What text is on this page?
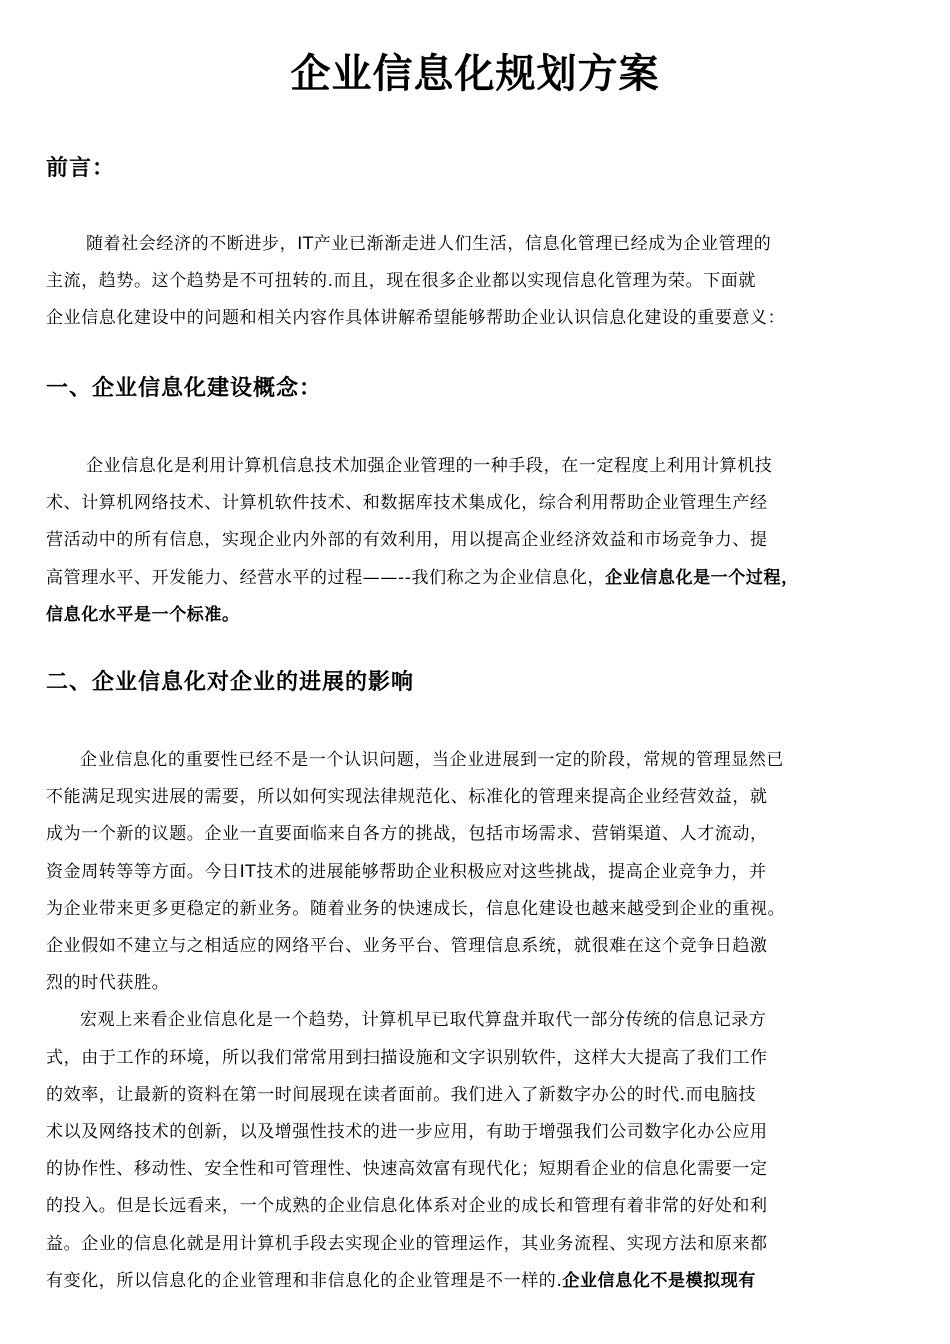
企业信息化规划方案
前言：
随着社会经济的不断进步，IT产业已渐渐走进人们生活，信息化管理已经成为企业管理的
主流，趋势。这个趋势是不可扭转的.而且，现在很多企业都以实现信息化管理为荣。下面就
企业信息化建设中的问题和相关内容作具体讲解希望能够帮助企业认识信息化建设的重要意义：
一、企业信息化建设概念：
企业信息化是利用计算机信息技术加强企业管理的一种手段，在一定程度上利用计算机技
术、计算机网络技术、计算机软件技术、和数据库技术集成化，综合利用帮助企业管理生产经
营活动中的所有信息，实现企业内外部的有效利用，用以提高企业经济效益和市场竞争力、提
高管理水平、开发能力、经营水平的过程——--我们称之为企业信息化，企业信息化是一个过程，
信息化水平是一个标准。
二、企业信息化对企业的进展的影响
企业信息化的重要性已经不是一个认识问题，当企业进展到一定的阶段，常规的管理显然已
不能满足现实进展的需要，所以如何实现法律规范化、标准化的管理来提高企业经营效益，就
成为一个新的议题。企业一直要面临来自各方的挑战，包括市场需求、营销渠道、人才流动，
资金周转等等方面。今日IT技术的进展能够帮助企业积极应对这些挑战，提高企业竞争力，并
为企业带来更多更稳定的新业务。随着业务的快速成长，信息化建设也越来越受到企业的重视。
企业假如不建立与之相适应的网络平台、业务平台、管理信息系统，就很难在这个竞争日趋激
烈的时代获胜。
宏观上来看企业信息化是一个趋势，计算机早已取代算盘并取代一部分传统的信息记录方
式，由于工作的环境，所以我们常常用到扫描设施和文字识别软件，这样大大提高了我们工作
的效率，让最新的资料在第一时间展现在读者面前。我们进入了新数字办公的时代.而电脑技
术以及网络技术的创新，以及增强性技术的进一步应用，有助于增强我们公司数字化办公应用
的协作性、移动性、安全性和可管理性、快速高效富有现代化；短期看企业的信息化需要一定
的投入。但是长远看来，一个成熟的企业信息化体系对企业的成长和管理有着非常的好处和利
益。企业的信息化就是用计算机手段去实现企业的管理运作，其业务流程、实现方法和原来都
有变化，所以信息化的企业管理和非信息化的企业管理是不一样的.企业信息化不是模拟现有
